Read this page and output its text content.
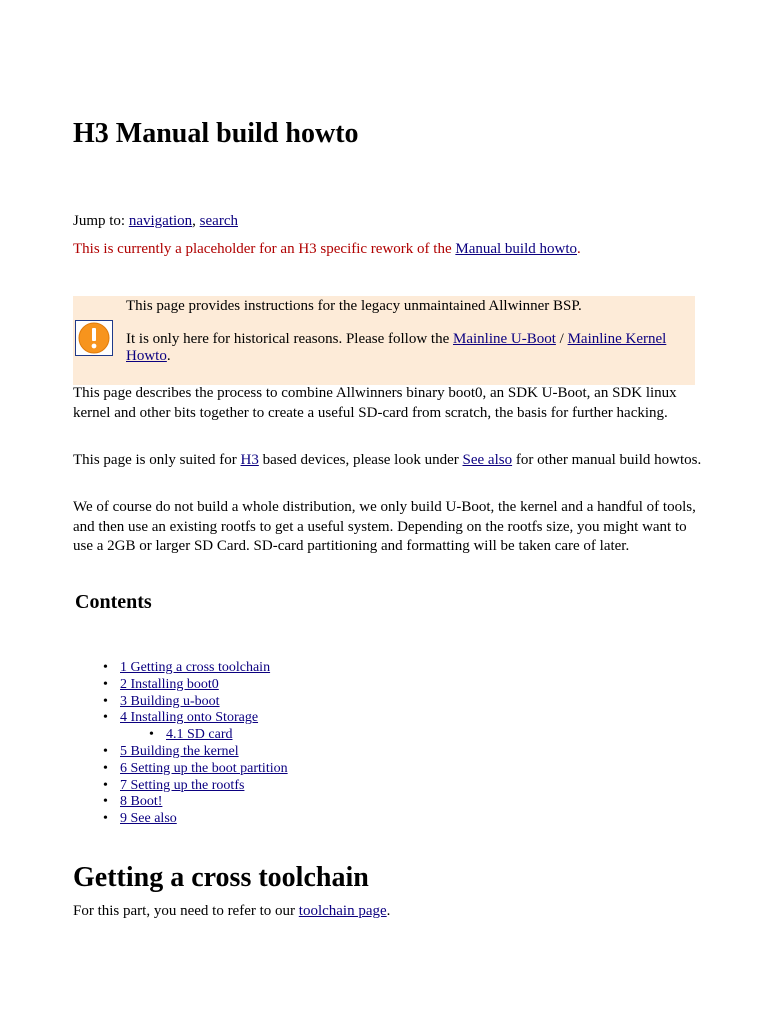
H3 Manual build howto

Jump to: navigation, search

This is currently a placeholder for an H3 specific rework of the Manual build howto.

This page provides instructions for the legacy unmaintained Allwinner BSP.

It is only here for historical reasons. Please follow the Mainline U-Boot / Mainline Kernel Howto.

This page describes the process to combine Allwinners binary boot0, an SDK U-Boot, an SDK linux kernel and other bits together to create a useful SD-card from scratch, the basis for further hacking.

This page is only suited for H3 based devices, please look under See also for other manual build howtos.

We of course do not build a whole distribution, we only build U-Boot, the kernel and a handful of tools, and then use an existing rootfs to get a useful system. Depending on the rootfs size, you might want to use a 2GB or larger SD Card. SD-card partitioning and formatting will be taken care of later.

Contents
• 1 Getting a cross toolchain
• 2 Installing boot0
• 3 Building u-boot
• 4 Installing onto Storage
• 4.1 SD card
• 5 Building the kernel
• 6 Setting up the boot partition
• 7 Setting up the rootfs
• 8 Boot!
• 9 See also
Getting a cross toolchain

For this part, you need to refer to our toolchain page.
